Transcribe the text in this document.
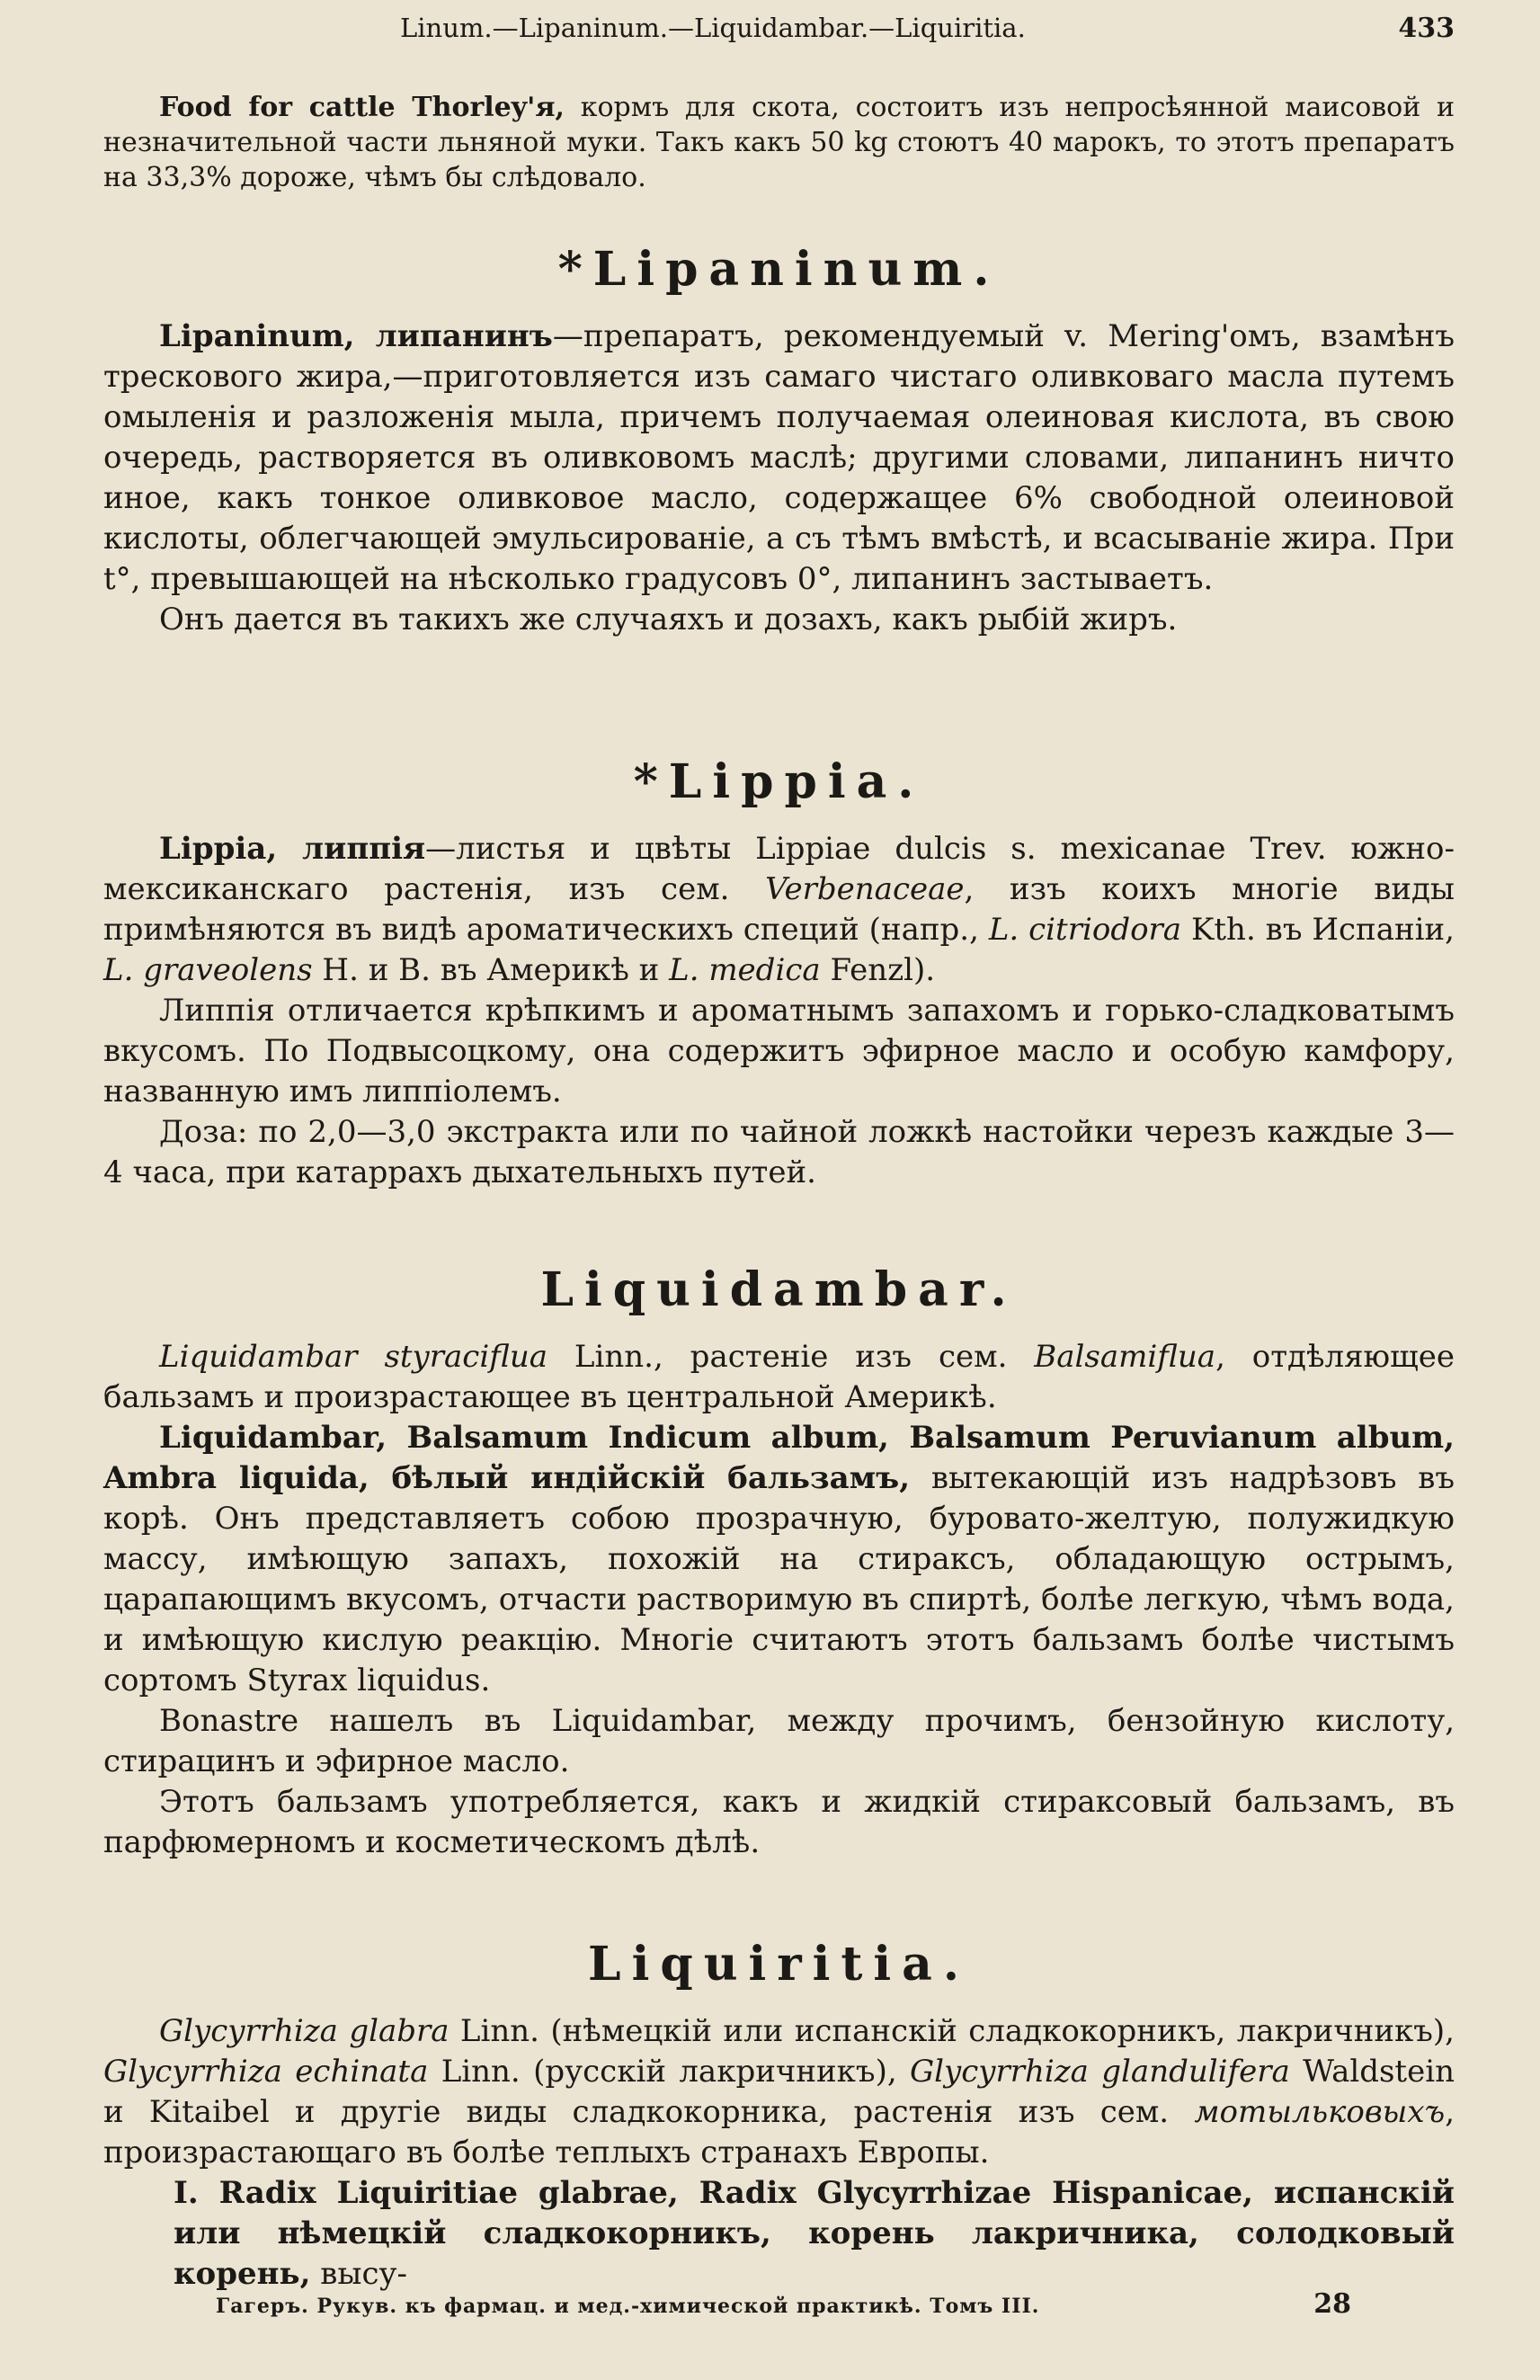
Linum.—Lipaninum.—Liquidambar.—Liquiritia.	433

Food for cattle Thorley'я, кормъ для скота, состоитъ изъ непросѣянной маисовой и незначительной части льняной муки. Такъ какъ 50 kg стоютъ 40 марокъ, то этотъ препаратъ на 33,3% дороже, чѣмъ бы слѣдовало.

*Lipaninum.

Lipaninum, липанинъ—препаратъ, рекомендуемый v. Mering'омъ, взамѣнъ трескового жира,—приготовляется изъ самаго чистаго оливковаго масла путемъ омыленія и разложенія мыла, причемъ получаемая олеиновая кислота, въ свою очередь, растворяется въ оливковомъ маслѣ; другими словами, липанинъ ничто иное, какъ тонкое оливковое масло, содержащее 6% свободной олеиновой кислоты, облегчающей эмульсированіе, а съ тѣмъ вмѣстѣ, и всасываніе жира. При t°, превышающей на нѣсколько градусовъ 0°, липанинъ застываетъ.

Онъ дается въ такихъ же случаяхъ и дозахъ, какъ рыбій жиръ.

*Lippia.

Lippia, липпія—листья и цвѣты Lippiae dulcis s. mexicanae Trev. южно-мексиканскаго растенія, изъ сем. Verbenaceae, изъ коихъ многіе виды примѣняются въ видѣ ароматическихъ специй (напр., L. citriodora Kth. въ Испаніи, L. graveolens H. и B. въ Америкѣ и L. medica Fenzl).

Липпія отличается крѣпкимъ и ароматнымъ запахомъ и горько-сладковатымъ вкусомъ. По Подвысоцкому, она содержитъ эфирное масло и особую камфору, названную имъ липпіолемъ.

Доза: по 2,0—3,0 экстракта или по чайной ложкѣ настойки черезъ каждые 3—4 часа, при катаррахъ дыхательныхъ путей.

Liquidambar.

Liquidambar styraciflua Linn., растеніе изъ сем. Balsamiflua, отдѣляющее бальзамъ и произрастающее въ центральной Америкѣ.

Liquidambar, Balsamum Indicum album, Balsamum Peruvianum album, Ambra liquida, бѣлый индійскій бальзамъ, вытекающій изъ надрѣзовъ въ корѣ. Онъ представляетъ собою прозрачную, буровато-желтую, полужидкую массу, имѣющую запахъ, похожій на стираксъ, обладающую острымъ, царапающимъ вкусомъ, отчасти растворимую въ спиртѣ, болѣе легкую, чѣмъ вода, и имѣющую кислую реакцію. Многіе считаютъ этотъ бальзамъ болѣе чистымъ сортомъ Styrax liquidus.

Bonastre нашелъ въ Liquidambar, между прочимъ, бензойную кислоту, стирацинъ и эфирное масло.

Этотъ бальзамъ употребляется, какъ и жидкій стираксовый бальзамъ, въ парфюмерномъ и косметическомъ дѣлѣ.

Liquiritia.

Glycyrrhiza glabra Linn. (нѣмецкій или испанскій сладкокорникъ, лакричникъ), Glycyrrhiza echinata Linn. (русскій лакричникъ), Glycyrrhiza glandulifera Waldstein и Kitaibel и другіе виды сладкокорника, растенія изъ сем. мотыльковыхъ, произрастающаго въ болѣе теплыхъ странахъ Европы.

I. Radix Liquiritiae glabrae, Radix Glycyrrhizae Hispanicae, испанскій или нѣмецкій сладкокорникъ, корень лакричника, солодковый корень, высу-

Гагеръ. Рукув. къ фармац. и мед.-химической практикѣ. Томъ III.	28
